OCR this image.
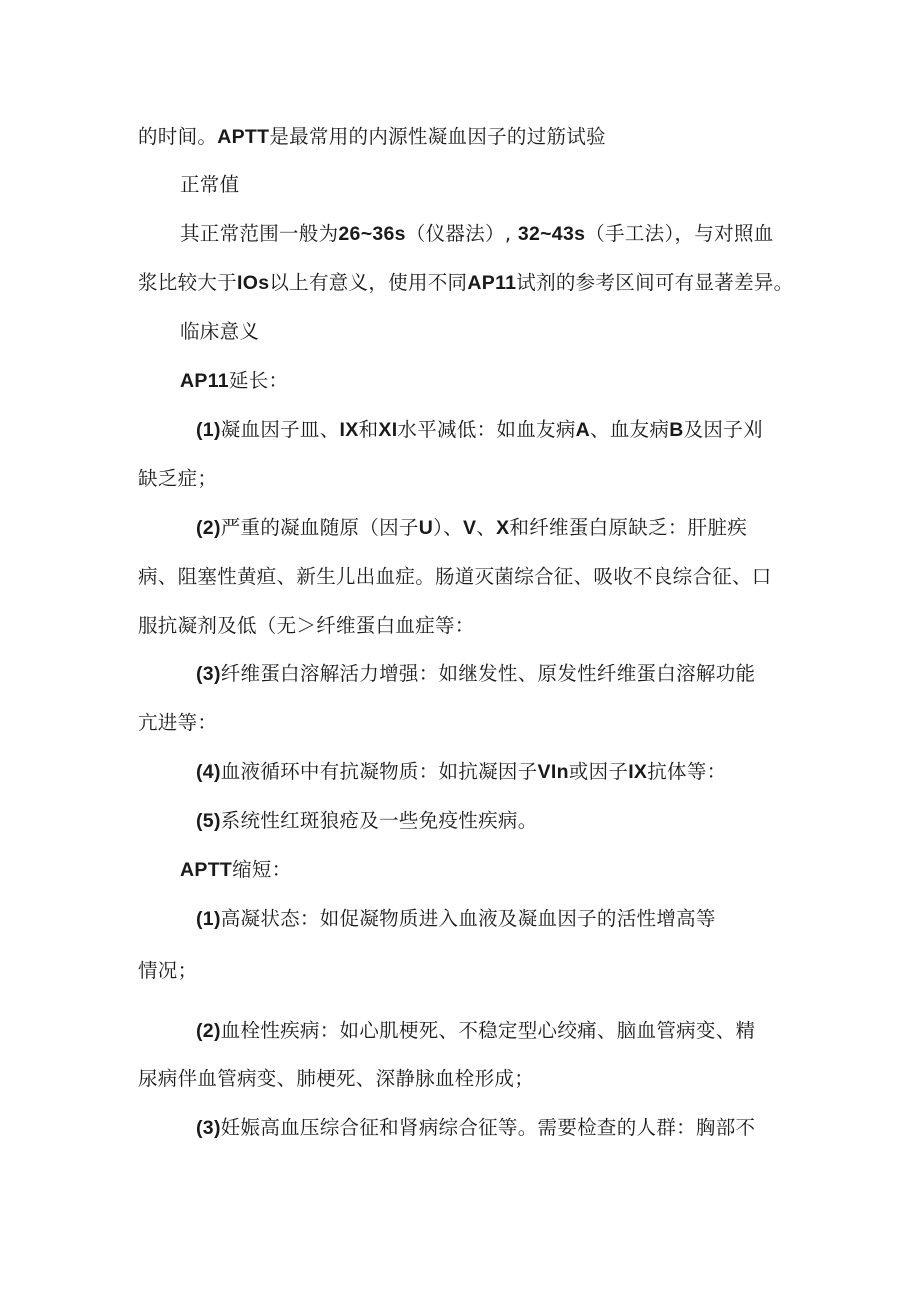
的时间。APTT是最常用的内源性凝血因子的过筋试验
正常值
其正常范围一般为26~36s（仪器法）, 32~43s（手工法），与对照血
浆比较大于IOs以上有意义，使用不同AP11试剂的参考区间可有显著差异。
临床意义
AP11延长：
(1)凝血因子皿、IX和XI水平减低：如血友病A、血友病B及因子刈
缺乏症；
(2)严重的凝血随原（因子U）、V、X和纤维蛋白原缺乏：肝脏疾
病、阻塞性黄疸、新生儿出血症。肠道灭菌综合征、吸收不良综合征、口
服抗凝剂及低（无＞纤维蛋白血症等：
(3)纤维蛋白溶解活力增强：如继发性、原发性纤维蛋白溶解功能
亢进等：
(4)血液循环中有抗凝物质：如抗凝因子VIn或因子IX抗体等：
(5)系统性红斑狼疮及一些免疫性疾病。
APTT缩短：
(1)高凝状态：如促凝物质进入血液及凝血因子的活性增高等
情况；
(2)血栓性疾病：如心肌梗死、不稳定型心绞痛、脑血管病变、精
尿病伴血管病变、肺梗死、深静脉血栓形成；
(3)妊娠高血压综合征和肾病综合征等。需要检查的人群：胸部不
